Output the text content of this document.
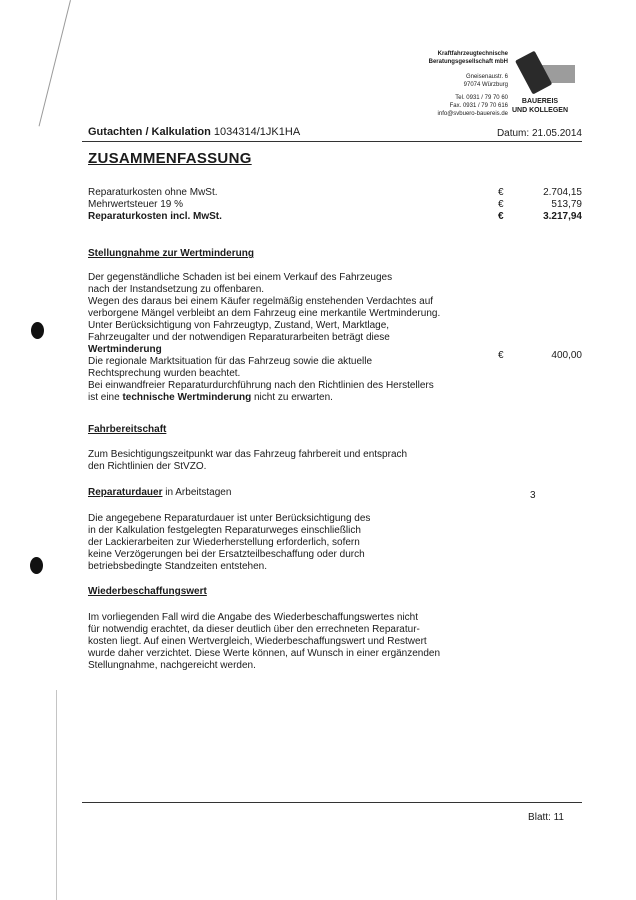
Kraftfahrzeugtechnische
Beratungsgesellschaft mbH
Gneisenaustr. 6
97074 Würzburg
Tel. 0931 / 79 70 60
Fax. 0931 / 79 70 616
info@svbuero-bauereis.de
BAUEREIS
UND KOLLEGEN
Gutachten / Kalkulation 1034314/1JK1HA	Datum: 21.05.2014
ZUSAMMENFASSUNG
Reparaturkosten ohne MwSt.	€	2.704,15
Mehrwertsteuer 19 %	€	513,79
Reparaturkosten incl. MwSt.	€	3.217,94
Stellungnahme zur Wertminderung
Der gegenständliche Schaden ist bei einem Verkauf des Fahrzeuges
nach der Instandsetzung zu offenbaren.
Wegen des daraus bei einem Käufer regelmäßig enstehenden Verdachtes auf
verborgene Mängel verbleibt an dem Fahrzeug eine merkantile Wertminderung.
Unter Berücksichtigung von Fahrzeugtyp, Zustand, Wert, Marktlage,
Fahrzeugalter und der notwendigen Reparaturarbeiten beträgt diese
Wertminderung
Die regionale Marktsituation für das Fahrzeug sowie die aktuelle
Rechtsprechung wurden beachtet.
Bei einwandfreier Reparaturdurchführung nach den Richtlinien des Herstellers
ist eine technische Wertminderung nicht zu erwarten.
€	400,00
Fahrbereitschaft
Zum Besichtigungszeitpunkt war das Fahrzeug fahrbereit und entsprach
den Richtlinien der StVZO.
Reparaturdauer in Arbeitstagen	3
Die angegebene Reparaturdauer ist unter Berücksichtigung des
in der Kalkulation festgelegten Reparaturweges einschließlich
der Lackierarbeiten zur Wiederherstellung erforderlich, sofern
keine Verzögerungen bei der Ersatzteilbeschaffung oder durch
betriebsbedingte Standzeiten entstehen.
Wiederbeschaffungswert
Im vorliegenden Fall wird die Angabe des Wiederbeschaffungswertes nicht
für notwendig erachtet, da dieser deutlich über den errechneten Reparatur-
kosten liegt. Auf einen Wertvergleich, Wiederbeschaffungswert und Restwert
wurde daher verzichtet. Diese Werte können, auf Wunsch in einer ergänzenden
Stellungnahme, nachgereicht werden.
Blatt: 11
